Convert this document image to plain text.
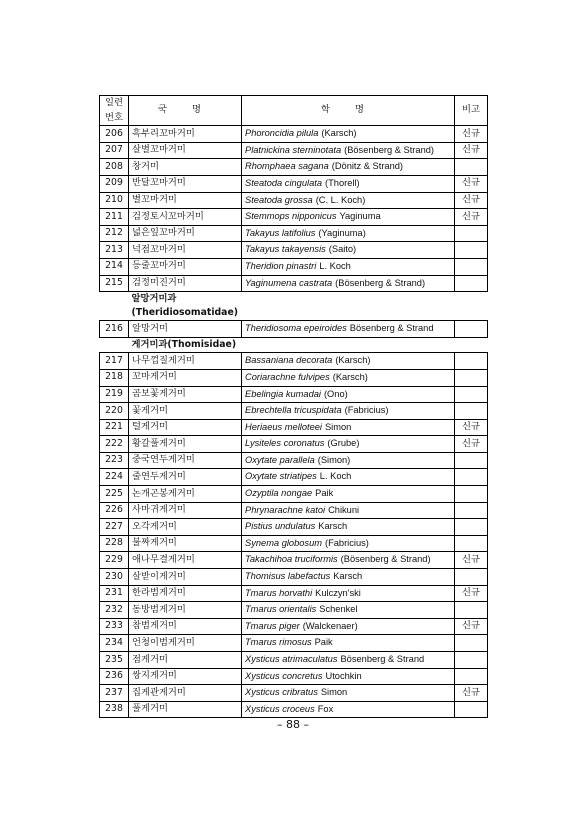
일련
번호	국 명	학 명	비고
206	흑부리꼬마거미	Phoroncidia pilula (Karsch)	신규
207	살별꼬마거미	Platnickina sterninotata (Bösenberg & Strand)	신규
208	창거미	Rhomphaea sagana (Dönitz & Strand)	
209	반달꼬마거미	Steatoda cingulata (Thorell)	신규
210	별꼬마거미	Steatoda grossa (C. L. Koch)	신규
211	검정토시꼬마거미	Stemmops nipponicus Yaginuma	신규
212	넓은잎꼬마거미	Takayus latifolius (Yaginuma)	
213	넉점꼬마거미	Takayus takayensis (Saito)	
214	등줄꼬마거미	Theridion pinastri L. Koch	
215	검정미진거미	Yaginumena castrata (Bösenberg & Strand)	

	알망거미과
(Theridiosomatidae)		

216	알망거미	Theridiosoma epeiroides Bösenberg & Strand	
	게거미과(Thomisidae)		
217	나무껍질게거미	Bassaniana decorata (Karsch)	
218	꼬마게거미	Coriarachne fulvipes (Karsch)	
219	곰보꽃게거미	Ebelingia kumadai (Ono)	
220	꽃게거미	Ebrechtella tricuspidata (Fabricius)	
221	털게거미	Heriaeus melloteei Simon	신규
222	황갈풀게거미	Lysiteles coronatus (Grube)	신규
223	중국연두게거미	Oxytate parallela (Simon)	
224	줄연두게거미	Oxytate striatipes L. Koch	
225	논개곤봉게거미	Ozyptila nongae Paik	
226	사마귀게거미	Phrynarachne katoi Chikuni	
227	오각게거미	Pistius undulatus Karsch	
228	불짜게거미	Synema globosum (Fabricius)	
229	애나무결게거미	Takachihoa truciformis (Bösenberg & Strand)	신규
230	살받이게거미	Thomisus labefactus Karsch	
231	한라범게거미	Tmarus horvathi Kulczyn'ski	신규
232	동방범게거미	Tmarus orientalis Schenkel	
233	참범게거미	Tmarus piger (Walckenaer)	신규
234	언청이범게거미	Tmarus rimosus Paik	
235	점게거미	Xysticus atrimaculatus Bösenberg & Strand	
236	쌍지게거미	Xysticus concretus Utochkin	
237	집게관게거미	Xysticus cribratus Simon	신규
238	풀게거미	Xysticus croceus Fox	
– 88 –
